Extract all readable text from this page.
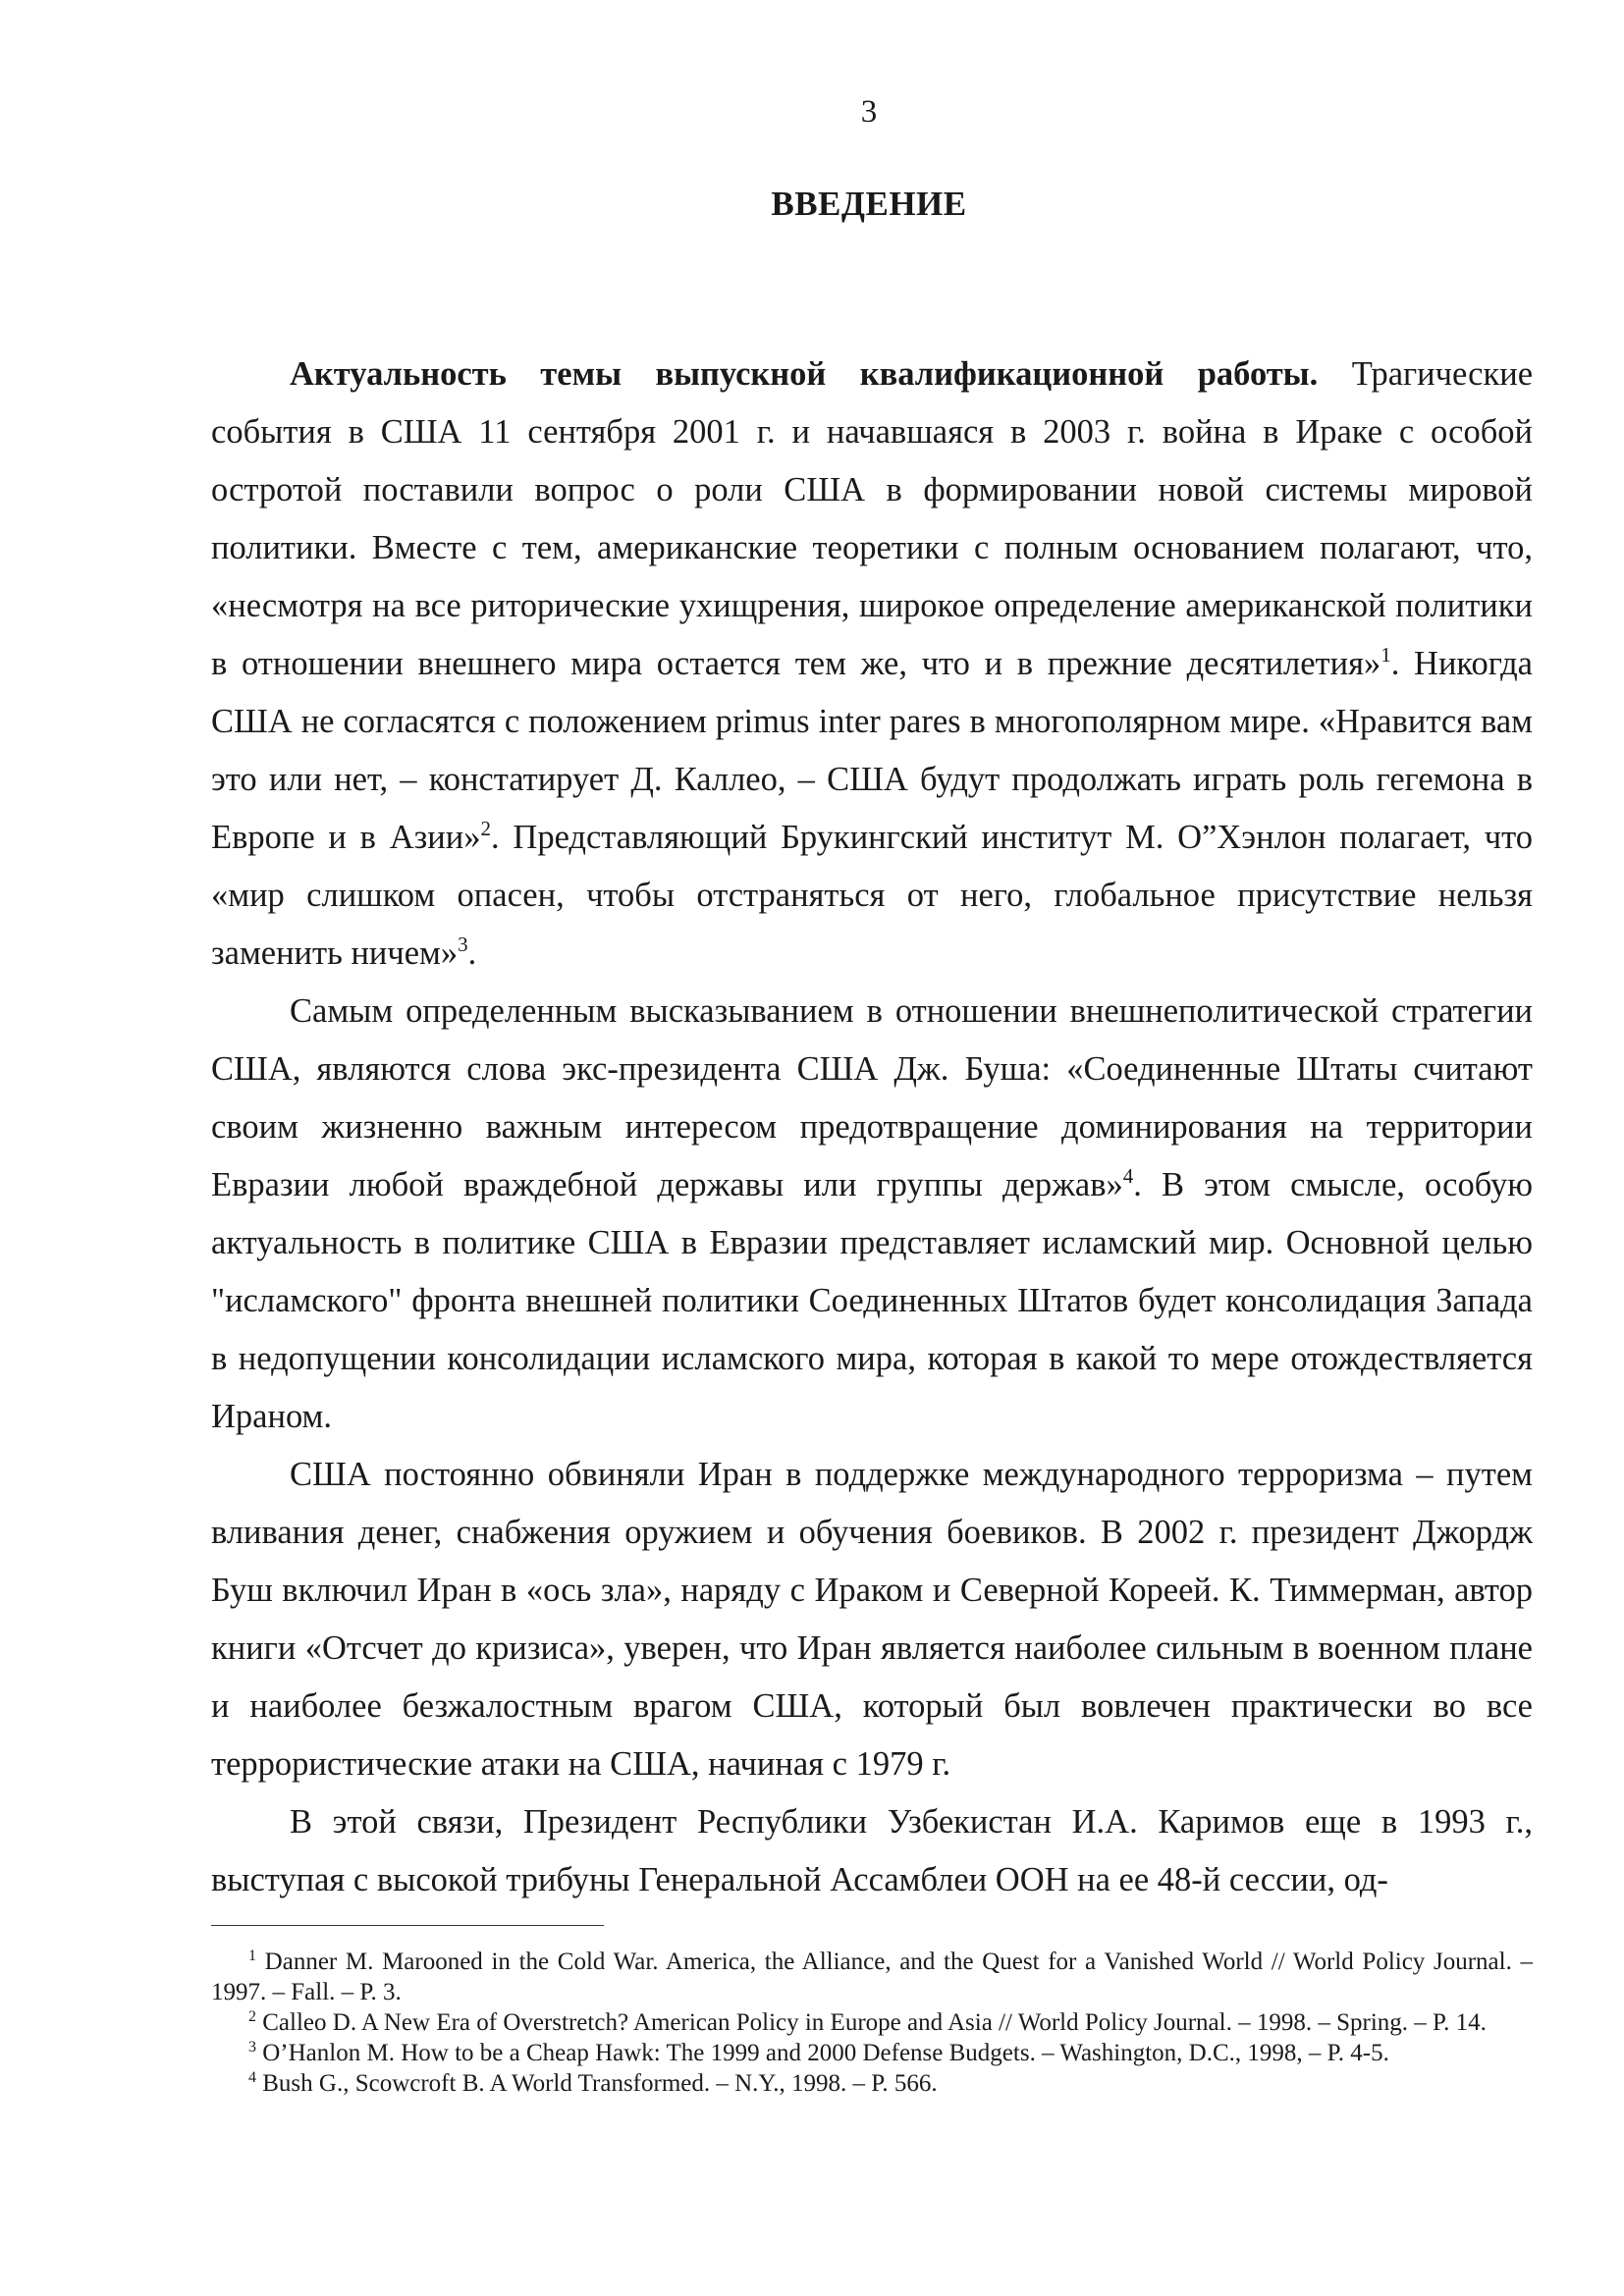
3
ВВЕДЕНИЕ

Актуальность темы выпускной квалификационной работы. Трагические события в США 11 сентября 2001 г. и начавшаяся в 2003 г. война в Ираке с особой остротой поставили вопрос о роли США в формировании новой системы мировой политики. Вместе с тем, американские теоретики с полным основанием полагают, что, «несмотря на все риторические ухищрения, широкое определение американской политики в отношении внешнего мира остается тем же, что и в прежние десятилетия»$^1$. Никогда США не согласятся с положением primus inter pares в многополярном мире. «Нравится вам это или нет, – констатирует Д. Каллео, – США будут продолжать играть роль гегемона в Европе и в Азии»$^2$. Представляющий Брукингский институт М. О”Хэнлон полагает, что «мир слишком опасен, чтобы отстраняться от него, глобальное присутствие нельзя заменить ничем»$^3$.

Самым определенным высказыванием в отношении внешнеполитической стратегии США, являются слова экс-президента США Дж. Буша: «Соединенные Штаты считают своим жизненно важным интересом предотвращение доминирования на территории Евразии любой враждебной державы или группы держав»$^4$. В этом смысле, особую актуальность в политике США в Евразии представляет исламский мир. Основной целью "исламского" фронта внешней политики Соединенных Штатов будет консолидация Запада в недопущении консолидации исламского мира, которая в какой то мере отождествляется Ираном.

США постоянно обвиняли Иран в поддержке международного терроризма – путем вливания денег, снабжения оружием и обучения боевиков. В 2002 г. президент Джордж Буш включил Иран в «ось зла», наряду с Ираком и Северной Кореей. К. Тиммерман, автор книги «Отсчет до кризиса», уверен, что Иран является наиболее сильным в военном плане и наиболее безжалостным врагом США, который был вовлечен практически во все террористические атаки на США, начиная с 1979 г.

В этой связи, Президент Республики Узбекистан И.А. Каримов еще в 1993 г., выступая с высокой трибуны Генеральной Ассамблеи ООН на ее 48-й сессии, од-

$^1$ Danner M. Marooned in the Cold War. America, the Alliance, and the Quest for a Vanished World // World Policy Journal. – 1997. – Fall. – P. 3.

$^2$ Calleo D. A New Era of Overstretch? American Policy in Europe and Asia // World Policy Journal. – 1998. – Spring. – P. 14.

$^3$ O’Hanlon M. How to be a Cheap Hawk: The 1999 and 2000 Defense Budgets. – Washington, D.C., 1998, – P. 4-5.

$^4$ Bush G., Scowcroft B. A World Transformed. – N.Y., 1998. – P. 566.
